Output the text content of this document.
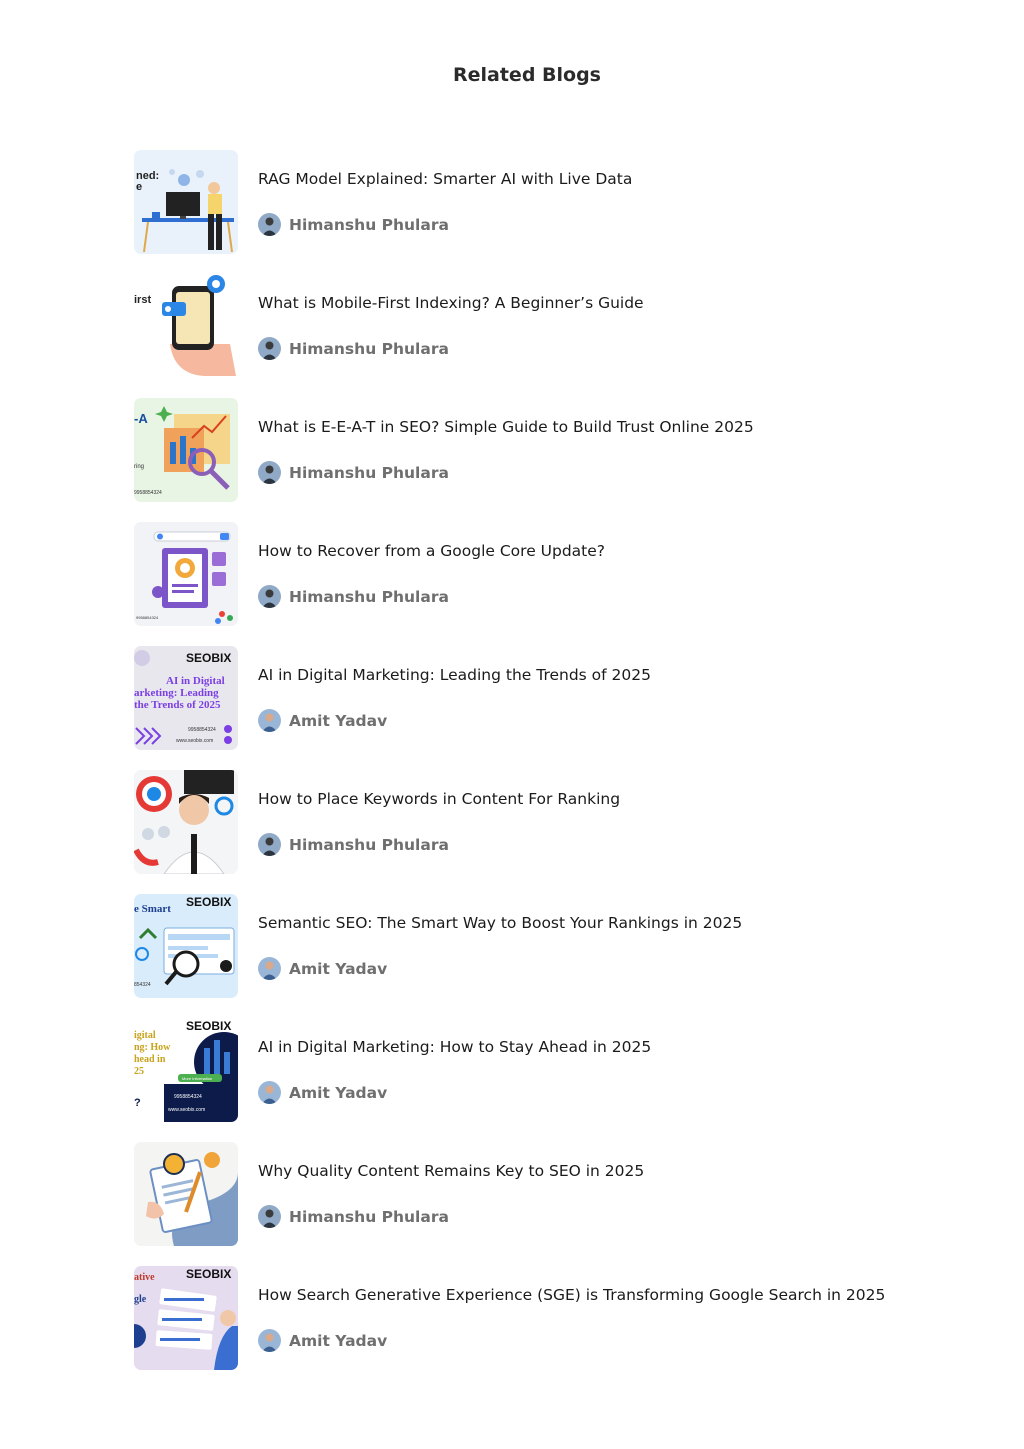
Related Blogs
ned:
e	RAG Model Explained: Smarter AI with Live Data
Himanshu Phulara
irst	What is Mobile-First Indexing? A Beginner’s Guide
Himanshu Phulara
-A
ring
9958854324
What is E-E-A-T in SEO? Simple Guide to Build Trust Online 2025
Himanshu Phulara
9958854324
How to Recover from a Google Core Update?
Himanshu Phulara
SEOBIX
AI in Digital
arketing: Leading
the Trends of 2025
9958854324
www.seobix.com
AI in Digital Marketing: Leading the Trends of 2025
Amit Yadav
How to Place Keywords in Content For Ranking
Himanshu Phulara
SEOBIX
e Smart
854324
Semantic SEO: The Smart Way to Boost Your Rankings in 2025
Amit Yadav
SEOBIX
igital
ng: How
head in
25
More Information
9958854324
www.seobix.com
?
AI in Digital Marketing: How to Stay Ahead in 2025
Amit Yadav
Why Quality Content Remains Key to SEO in 2025
Himanshu Phulara
SEOBIX
ative
gle	How Search Generative Experience (SGE) is Transforming Google Search in 2025
Amit Yadav
